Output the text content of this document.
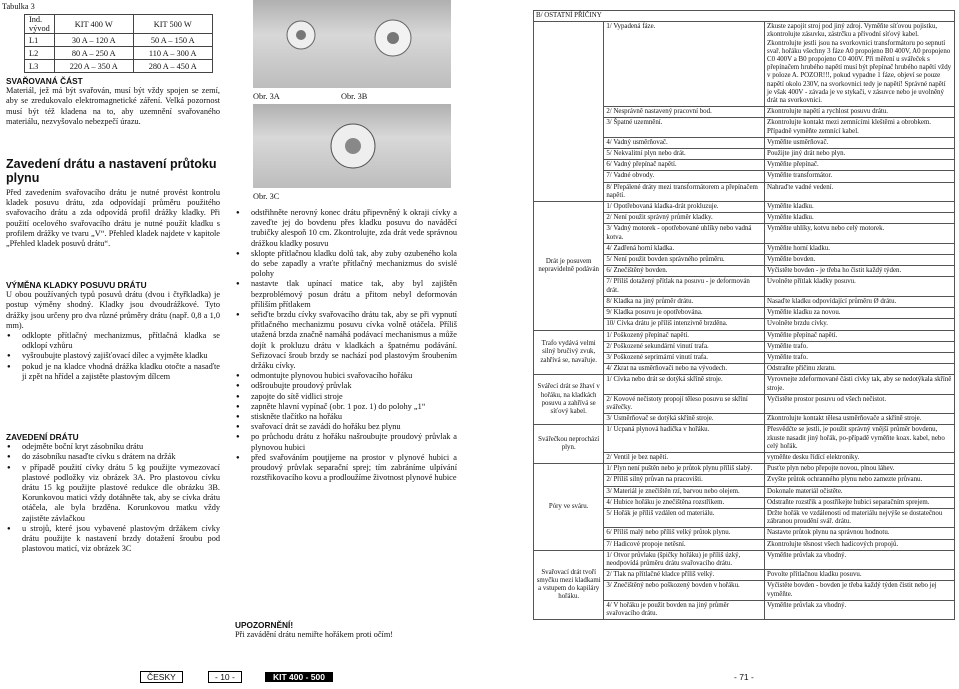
Tabulka 3
Ind. vývod	KIT 400 W	KIT 500 W
L1	30 A – 120 A	50 A – 150 A
L2	80 A – 250 A	110 A – 300 A
L3	220 A – 350 A	280 A – 450 A
SVAŘOVANÁ ČÁST

Materiál, jež má být svařován, musí být vždy spojen se zemí, aby se zredukovalo elektromagnetické záření. Velká pozornost musí být též kladena na to, aby uzemnění svařovaného materiálu, nezvyšovalo nebezpečí úrazu.

Zavedení drátu a nastavení průtoku plynu

Před zavedením svařovacího drátu je nutné provést kontrolu kladek posuvu drátu, zda odpovídají průměru použitého svařovacího drátu a zda odpovídá profil drážky kladky. Při použití ocelového svařovacího drátu je nutné použít kladku s profilem drážky ve tvaru „V“. Přehled kladek najdete v kapitole „Přehled kladek posuvů drátu“.

VÝMĚNA KLADKY POSUVU DRÁTU

U obou používaných typů posuvů drátu (dvou i čtyřkladka) je postup výměny shodný. Kladky jsou dvoudrážkové. Tyto drážky jsou určeny pro dva různé průměry drátu (např. 0,8 a 1,0 mm).

● odklopte přítlačný mechanizmus, přítlačná kladka se odklopí vzhůru
● vyšroubujte plastový zajišťovací dílec a vyjměte kladku
● pokud je na kladce vhodná drážka kladku otočte a nasaďte ji zpět na hřídel a zajistěte plastovým dílcem
ZAVEDENÍ DRÁTU
● odejměte boční kryt zásobníku drátu
● do zásobníku nasaďte cívku s drátem na držák
● v případě použití cívky drátu 5 kg použijte vymezovací plastové podložky viz obrázek 3A. Pro plastovou cívku drátu 15 kg použijte plastové redukce dle obrázku 3B. Korunkovou matici vždy dotáhněte tak, aby se cívka drátu otáčela, ale byla brzděna. Korunkovou matku vždy zajistěte závlačkou
● u strojů, které jsou vybavené plastovým držákem cívky drátu použijte k nastavení brzdy dotažení šroubu pod plastovou maticí, viz obrázek 3C
Obr. 3A	Obr. 3B
Obr. 3C
● odstřihněte nerovný konec drátu připevněný k okraji cívky a zaveďte jej do bovdenu přes kladku posuvu do naváděcí trubičky alespoň 10 cm. Zkontrolujte, zda drát vede správnou drážkou kladky posuvu
● sklopte přítlačnou kladku dolů tak, aby zuby ozubeného kola do sebe zapadly a vraťte přítlačný mechanizmus do svislé polohy
● nastavte tlak upínací matice tak, aby byl zajištěn bezproblémový posun drátu a přitom nebyl deformován příliším přítlakem
● seřiďte brzdu cívky svařovacího drátu tak, aby se při vypnutí přítlačného mechanizmu posuvu cívka volně otáčela. Příliš utažená brzda značně namáhá podávací mechanismus a může dojít k prokluzu drátu v kladkách a špatnému podávání. Seřizovací šroub brzdy se nachází pod plastovým šroubením držáku cívky.
● odmontujte plynovou hubici svařovacího hořáku
● odšroubujte proudový průvlak
● zapojte do sítě vidlici stroje
● zapněte hlavní vypínač (obr. 1 poz. 1) do polohy „1“
● stiskněte tlačítko na hořáku
● svařovací drát se zavádí do hořáku bez plynu
● po průchodu drátu z hořáku našroubujte proudový průvlak a plynovou hubici
● před svařováním pouţijeme na prostor v plynové hubici a proudový průvlak separační sprej; tím zabráníme ulpívání rozstřikovacího kovu a prodloužíme životnost plynové hubice
UPOZORNĚNÍ!
Při zavádění drátu nemiřte hořákem proti očím!
B/ OSTATNÍ PŘÍČINY		
	1/ Vypadená fáze.	Zkuste zapojit stroj pod jiný zdroj. Vyměňte síťovou pojistku, zkontrolujte zásuvku, zástrčku a přívodní síťový kabel. Zkontrolujte jestli jsou na svorkovnici transformátoru po sepnutí svař. hořáku všechny 3 fáze A0 propojeno B0 400V, A0 propojeno C0 400V a B0 propojeno C0 400V. Při měření u svářeček s přepínačem hrubého napětí musí být přepínač hrubého napětí vždy v poloze A. POZOR!!!, pokud vypadne 1 fáze, objeví se pouze napětí okolo 230V, na svorkovnici tedy je napětí! Správné napětí je však 400V - závada je ve stykači, v zásuvce nebo je uvolněný drát na svorkovnici.
	2/ Nesprávně nastavený pracovní bod.	Zkontrolujte napětí a rychlost posuvu drátu.
	3/ Špatné uzemnění.	Zkontrolujte kontakt mezi zemnícími kleštěmi a obrobkem. Případně vyměňte zemnící kabel.
	4/ Vadný usměrňovač.	Vyměňte usměrňovač.
	5/ Nekvalitní plyn nebo drát.	Použijte jiný drát nebo plyn.
	6/ Vadný přepínač napětí.	Vyměňte přepínač.
	7/ Vadné obvody.	Vyměňte transformátor.
	8/ Přepálené dráty mezi transformátorem a přepínačem napětí.	Nahraďte vadné vedení.
Drát je posuvem nepravidelně podáván	1/ Opotřebovaná kladka-drát prokluzuje.	Vyměňte kladku.
	2/ Není použit správný průměr kladky.	Vyměňte kladku.
	3/ Vadný motorek - opotřebované uhlíky nebo vadná kotva.	Vyměňte uhlíky, kotvu nebo celý motorek.
	4/ Zadřená horní kladka.	Vyměňte horní kladku.
	5/ Není použit bovden správného průměru.	Vyměňte bovden.
	6/ Znečištěný bovden.	Vyčistěte bovden - je třeba ho čistit každý týden.
	7/ Příliš dotažený přítlak na posuvu - je deformován drát.	Uvolněte přítlak kladky posuvu.
	8/ Kladka na jiný průměr drátu.	Nasaďte kladku odpovídající průměru Ø drátu.
	9/ Kladka posuvu je opotřebována.	Vyměňte kladku za novou.
	10/ Cívka drátu je příliš intenzivně brzděna.	Uvolněte brzdu cívky.
Trafo vydává velmi silný bručivý zvuk, zahřívá se, navařuje.	1/ Poškozený přepínač napětí.	Vyměňte přepínač napětí.
	2/ Poškozené sekundární vinutí trafa.	Vyměňte trafo.
	3/ Poškozené seprimární vinutí trafa.	Vyměňte trafo.
	4/ Zkrat na usměrňovači nebo na vývodech.	Odstraňte příčinu zkratu.
Svářecí drát se žhaví v hořáku, na kladkách posuvu a zahřívá se síťový kabel.	1/ Cívka nebo drát se dotýká skříně stroje.	Vyrovnejte zdeformované části cívky tak, aby se nedotýkala skříně stroje.
	2/ Kovové nečistoty propojí těleso posuvu se skříní svářečky.	Vyčistěte prostor posuvu od všech nečistot.
	3/ Usměrňovač se dotýká skříně stroje.	Zkontrolujte kontakt tělesa usměrňovače a skříně stroje.
Svářečkou neprochází plyn.	1/ Ucpaná plynová hadička v hořáku.	Přesvědčte se jestli, je použit správný vnější průměr bovdenu, zkuste nasadit jiný hořák, po-případě vyměňte koax. kabel, nebo celý hořák.
	2/ Ventil je bez napětí.	vyměňte desku řídící elektroniky.
Póry ve sváru.	1/ Plyn není puštěn nebo je průtok plynu příliš slabý.	Pusťte plyn nebo přepojte novou, plnou láhev.
	2/ Příliš silný průvan na pracovišti.	Zvyšte průtok ochranného plynu nebo zamezte průvanu.
	3/ Materiál je znečištěn rzí, barvou nebo olejem.	Dokonale materiál očistěte.
	4/ Hubice hořáku je znečištěna rozstřikem.	Odstraňte rozstřik a postříkejte hubici separačním sprejem.
	5/ Hořák je příliš vzdálen od materiálu.	Držte hořák ve vzdálenosti od materiálu nejvýše se dostatečnou zábranou proudění svář. drátu.
	6/ Příliš malý nebo příliš velký průtok plynu.	Nastavte průtok plynu na správnou hodnotu.
	7/ Hadicové propoje netěsní.	Zkontrolujte těsnost všech hadicových propojů.
Svařovací drát tvoří smyčku mezi kladkami a vstupem do kapiláry hořáku.	1/ Otvor průvlaku (špičky hořáku) je příliš úzký, neodpovídá průměru drátu svařovacího drátu.	Vyměňte průvlak za vhodný.
	2/ Tlak na přítlačné kladce příliš velký.	Povolte přítlačnou kladku posuvu.
	3/ Znečištěný nebo poškozený bovden v hořáku.	Vyčistěte bovden - bovden je třeba každý týden čistit nebo jej vyměňte.
	4/ V hořáku je použit bovden na jiný průměr svařovacího drátu.	Vyměňte průvlak za vhodný.
ČESKY	- 10 -	KIT 400 - 500	- 71 -
